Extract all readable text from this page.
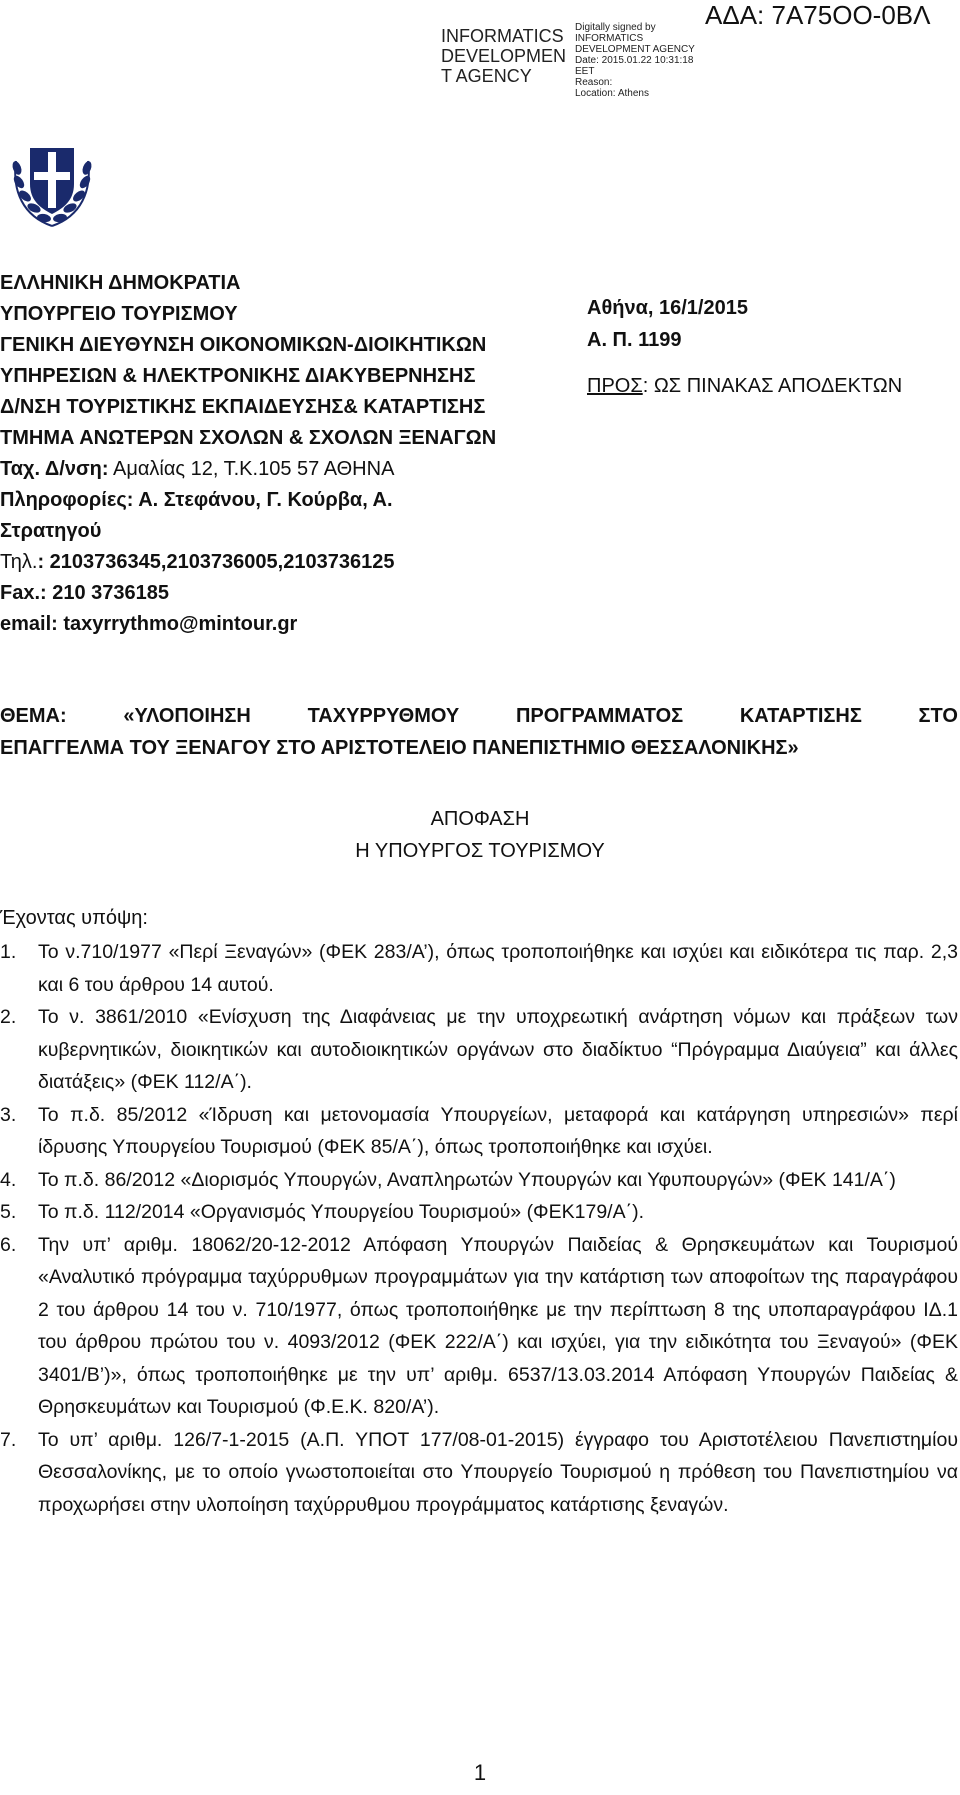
ΑΔΑ: 7Α75ΟΟ-0ΒΛ
INFORMATICS DEVELOPMEN T AGENCY
Digitally signed by
INFORMATICS
DEVELOPMENT AGENCY
Date: 2015.01.22 10:31:18
EET
Reason:
Location: Athens
ΕΛΛΗΝΙΚΗ ΔΗΜΟΚΡΑΤΙΑ
ΥΠΟΥΡΓΕΙΟ ΤΟΥΡΙΣΜΟΥ
ΓΕΝΙΚΗ ΔΙΕΥΘΥΝΣΗ ΟΙΚΟΝΟΜΙΚΩΝ-ΔΙΟΙΚΗΤΙΚΩΝ
ΥΠΗΡΕΣΙΩΝ & ΗΛΕΚΤΡΟΝΙΚΗΣ ΔΙΑΚΥΒΕΡΝΗΣΗΣ
Δ/ΝΣΗ ΤΟΥΡΙΣΤΙΚΗΣ ΕΚΠΑΙΔΕΥΣΗΣ& ΚΑΤΑΡΤΙΣΗΣ
ΤΜΗΜΑ ΑΝΩΤΕΡΩΝ ΣΧΟΛΩΝ & ΣΧΟΛΩΝ ΞΕΝΑΓΩΝ
Ταχ. Δ/νση: Αμαλίας 12, Τ.Κ.105 57 ΑΘΗΝΑ
Πληροφορίες: Α. Στεφάνου, Γ. Κούρβα, Α. Στρατηγού
Τηλ.: 2103736345,2103736005,2103736125
Fax.: 210 3736185
email: taxyrrythmo@mintour.gr
Αθήνα, 16/1/2015
Α. Π. 1199
ΠΡΟΣ: ΩΣ ΠΙΝΑΚΑΣ ΑΠΟΔΕΚΤΩΝ
ΘΕΜΑ:	«ΥΛΟΠΟΙΗΣΗ	ΤΑΧΥΡΡΥΘΜΟΥ	ΠΡΟΓΡΑΜΜΑΤΟΣ	ΚΑΤΑΡΤΙΣΗΣ	ΣΤΟ
ΕΠΑΓΓΕΛΜΑ ΤΟΥ ΞΕΝΑΓΟΥ ΣΤΟ ΑΡΙΣΤΟΤΕΛΕΙΟ ΠΑΝΕΠΙΣΤΗΜΙΟ ΘΕΣΣΑΛΟΝΙΚΗΣ»
ΑΠΟΦΑΣΗ
Η ΥΠΟΥΡΓΟΣ ΤΟΥΡΙΣΜΟΥ
Έχοντας υπόψη:
1.	Το ν.710/1977 «Περί Ξεναγών» (ΦΕΚ 283/Α’), όπως τροποποιήθηκε και ισχύει και ειδικότερα τις παρ. 2,3 και 6 του άρθρου 14 αυτού.
2.	Το ν. 3861/2010 «Ενίσχυση της Διαφάνειας με την υποχρεωτική ανάρτηση νόμων και πράξεων των κυβερνητικών, διοικητικών και αυτοδιοικητικών οργάνων στο διαδίκτυο “Πρόγραμμα Διαύγεια” και άλλες διατάξεις» (ΦΕΚ 112/Α΄).
3.	Το π.δ. 85/2012 «Ίδρυση και μετονομασία Υπουργείων, μεταφορά και κατάργηση υπηρεσιών» περί ίδρυσης Υπουργείου Τουρισμού (ΦΕΚ 85/Α΄), όπως τροποποιήθηκε και ισχύει.
4.	Το π.δ. 86/2012 «Διορισμός Υπουργών, Αναπληρωτών Υπουργών και Υφυπουργών» (ΦΕΚ 141/Α΄)
5.	Το π.δ. 112/2014 «Οργανισμός Υπουργείου Τουρισμού» (ΦΕΚ179/Α΄).
6.	Την υπ’ αριθμ. 18062/20-12-2012 Απόφαση Υπουργών Παιδείας & Θρησκευμάτων και Τουρισμού «Αναλυτικό πρόγραμμα ταχύρρυθμων προγραμμάτων για την κατάρτιση των αποφοίτων της παραγράφου 2 του άρθρου 14 του ν. 710/1977, όπως τροποποιήθηκε με την περίπτωση 8 της υποπαραγράφου ΙΔ.1 του άρθρου πρώτου του ν. 4093/2012 (ΦΕΚ 222/Α΄) και ισχύει, για την ειδικότητα του Ξεναγού» (ΦΕΚ 3401/Β’)», όπως τροποποιήθηκε με την υπ’ αριθμ. 6537/13.03.2014 Απόφαση Υπουργών Παιδείας & Θρησκευμάτων και Τουρισμού (Φ.Ε.Κ. 820/Α’).
7.	Το υπ’ αριθμ. 126/7-1-2015 (Α.Π. ΥΠΟΤ 177/08-01-2015) έγγραφο του Αριστοτέλειου Πανεπιστημίου Θεσσαλονίκης, με το οποίο γνωστοποιείται στο Υπουργείο Τουρισμού η πρόθεση του Πανεπιστημίου να προχωρήσει στην υλοποίηση ταχύρρυθμου προγράμματος κατάρτισης ξεναγών.
1
